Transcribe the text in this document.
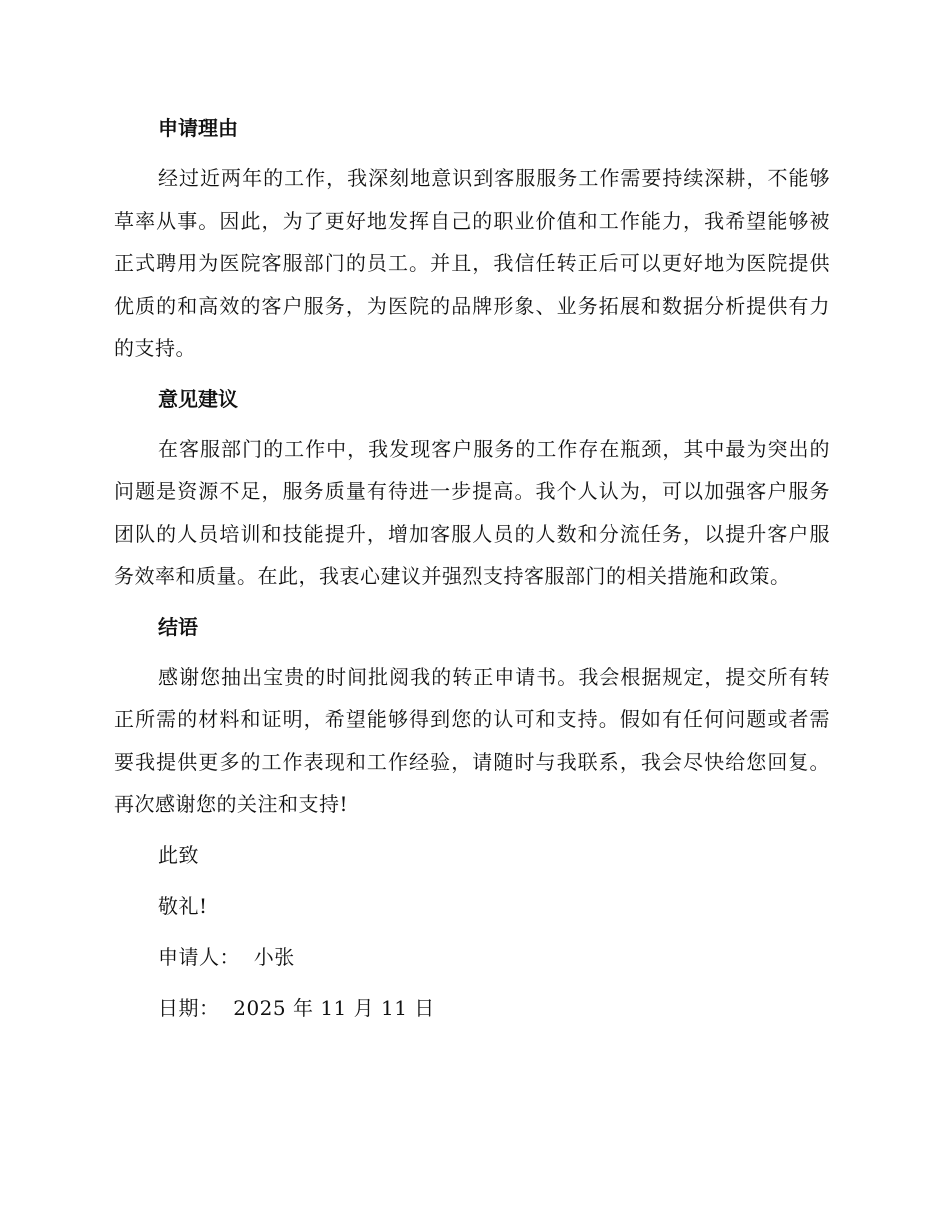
申请理由
经过近两年的工作，我深刻地意识到客服服务工作需要持续深耕，不能够草率从事。因此，为了更好地发挥自己的职业价值和工作能力，我希望能够被正式聘用为医院客服部门的员工。并且，我信任转正后可以更好地为医院提供优质的和高效的客户服务，为医院的品牌形象、业务拓展和数据分析提供有力的支持。
意见建议
在客服部门的工作中，我发现客户服务的工作存在瓶颈，其中最为突出的问题是资源不足，服务质量有待进一步提高。我个人认为，可以加强客户服务团队的人员培训和技能提升，增加客服人员的人数和分流任务，以提升客户服务效率和质量。在此，我衷心建议并强烈支持客服部门的相关措施和政策。
结语
感谢您抽出宝贵的时间批阅我的转正申请书。我会根据规定，提交所有转正所需的材料和证明，希望能够得到您的认可和支持。假如有任何问题或者需要我提供更多的工作表现和工作经验，请随时与我联系，我会尽快给您回复。再次感谢您的关注和支持!
此致
敬礼!
申请人：  小张
日期：  2025 年 11 月 11 日
